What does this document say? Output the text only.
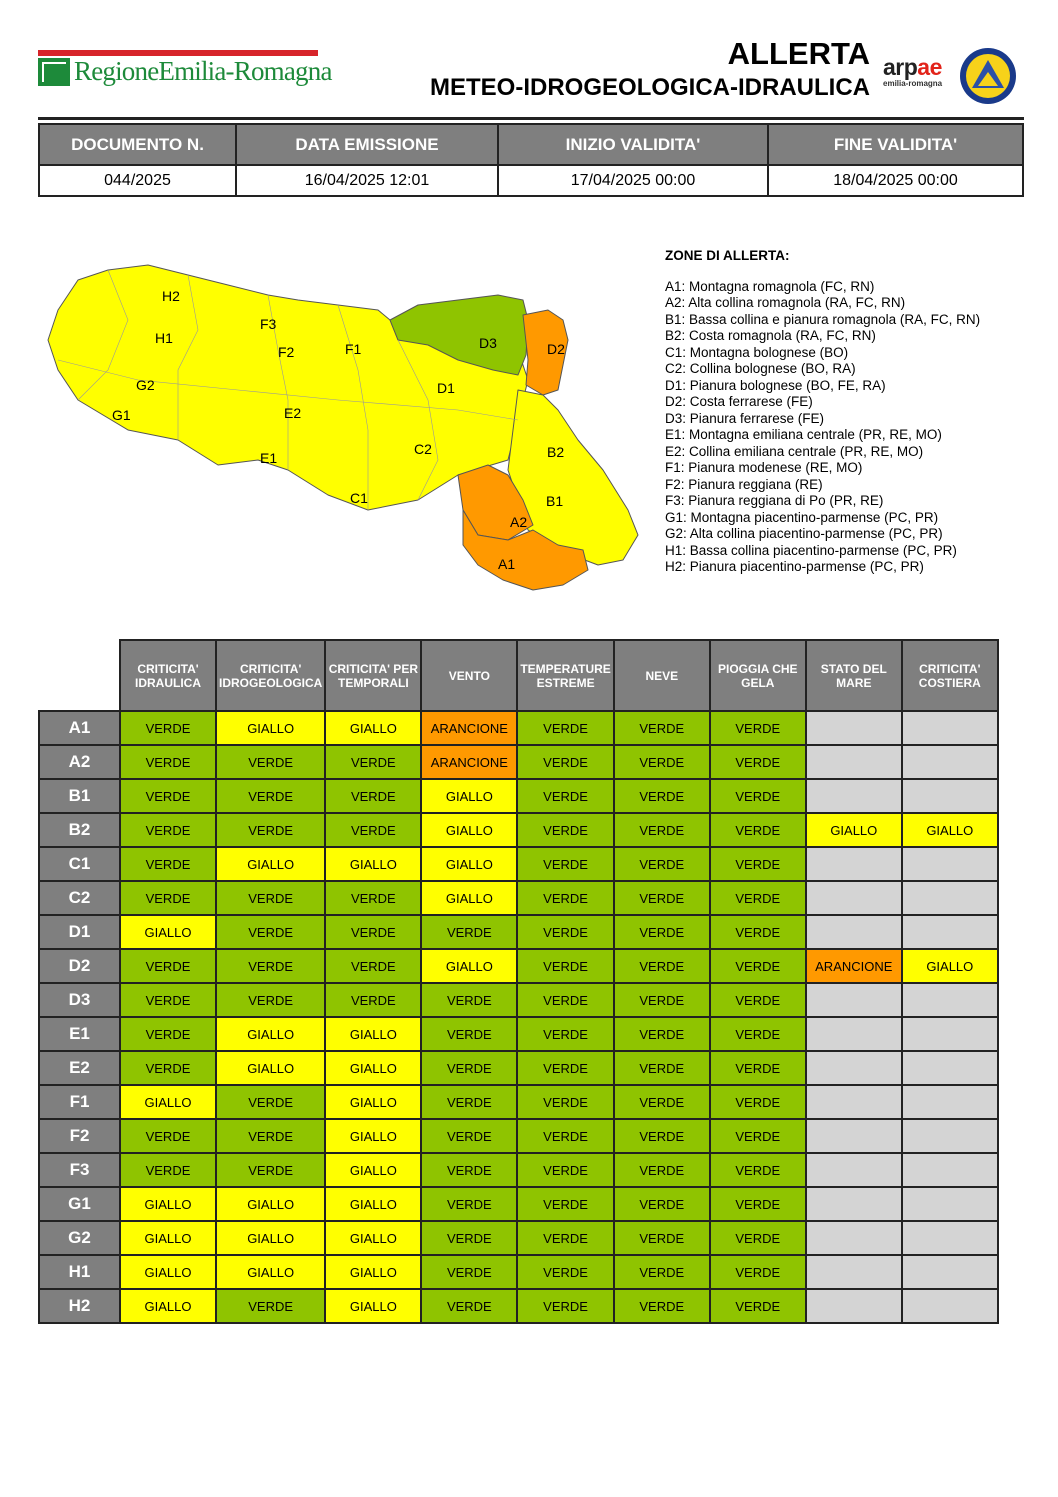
RegioneEmilia-Romagna	ALLERTA
METEO-IDROGEOLOGICA-IDRAULICA
arpae
emilia-romagna
DOCUMENTO N.	DATA EMISSIONE	INIZIO VALIDITA'	FINE VALIDITA'
044/2025	16/04/2025 12:01	17/04/2025 00:00	18/04/2025 00:00
H2
H1
G2
G1
F3
F2	F1
E2
E1
D3	D2
D1
C2
C1
B2
B1
A2
A1
ZONE DI ALLERTA:
A1: Montagna romagnola (FC, RN)
A2: Alta collina romagnola (RA, FC, RN)
B1: Bassa collina e pianura romagnola (RA, FC, RN)
B2: Costa romagnola (RA, FC, RN)
C1: Montagna bolognese (BO)
C2: Collina bolognese (BO, RA)
D1: Pianura bolognese (BO, FE, RA)
D2: Costa ferrarese (FE)
D3: Pianura ferrarese (FE)
E1: Montagna emiliana centrale (PR, RE, MO)
E2: Collina emiliana centrale (PR, RE, MO)
F1: Pianura modenese (RE, MO)
F2: Pianura reggiana (RE)
F3: Pianura reggiana di Po (PR, RE)
G1: Montagna piacentino-parmense (PC, PR)
G2: Alta collina piacentino-parmense (PC, PR)
H1: Bassa collina piacentino-parmense (PC, PR)
H2: Pianura piacentino-parmense (PC, PR)
	CRITICITA' IDRAULICA	CRITICITA' IDROGEOLOGICA	CRITICITA' PER TEMPORALI	VENTO	TEMPERATURE ESTREME	NEVE	PIOGGIA CHE GELA	STATO DEL MARE	CRITICITA' COSTIERA
A1	VERDE	GIALLO	GIALLO	ARANCIONE	VERDE	VERDE	VERDE		
A2	VERDE	VERDE	VERDE	ARANCIONE	VERDE	VERDE	VERDE		
B1	VERDE	VERDE	VERDE	GIALLO	VERDE	VERDE	VERDE		
B2	VERDE	VERDE	VERDE	GIALLO	VERDE	VERDE	VERDE	GIALLO	GIALLO
C1	VERDE	GIALLO	GIALLO	GIALLO	VERDE	VERDE	VERDE		
C2	VERDE	VERDE	VERDE	GIALLO	VERDE	VERDE	VERDE		
D1	GIALLO	VERDE	VERDE	VERDE	VERDE	VERDE	VERDE		
D2	VERDE	VERDE	VERDE	GIALLO	VERDE	VERDE	VERDE	ARANCIONE	GIALLO
D3	VERDE	VERDE	VERDE	VERDE	VERDE	VERDE	VERDE		
E1	VERDE	GIALLO	GIALLO	VERDE	VERDE	VERDE	VERDE		
E2	VERDE	GIALLO	GIALLO	VERDE	VERDE	VERDE	VERDE		
F1	GIALLO	VERDE	GIALLO	VERDE	VERDE	VERDE	VERDE		
F2	VERDE	VERDE	GIALLO	VERDE	VERDE	VERDE	VERDE		
F3	VERDE	VERDE	GIALLO	VERDE	VERDE	VERDE	VERDE		
G1	GIALLO	GIALLO	GIALLO	VERDE	VERDE	VERDE	VERDE		
G2	GIALLO	GIALLO	GIALLO	VERDE	VERDE	VERDE	VERDE		
H1	GIALLO	GIALLO	GIALLO	VERDE	VERDE	VERDE	VERDE		
H2	GIALLO	VERDE	GIALLO	VERDE	VERDE	VERDE	VERDE		
